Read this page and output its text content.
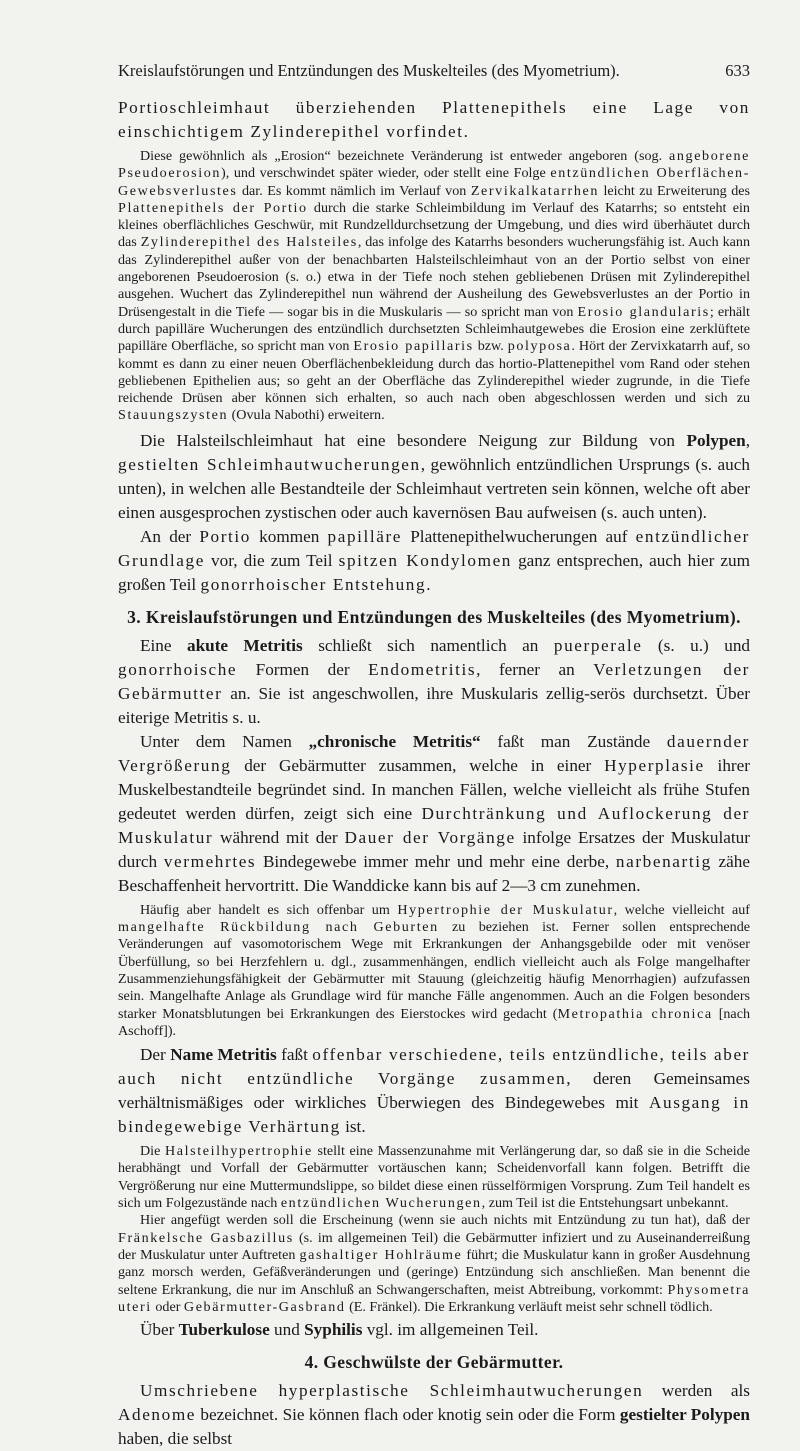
Kreislaufstörungen und Entzündungen des Muskelteiles (des Myometrium).	633

Portioschleimhaut überziehenden Plattenepithels eine Lage von einschichtigem Zylinderepithel vorfindet.

Diese gewöhnlich als „Erosion“ bezeichnete Veränderung ist entweder angeboren (sog. angeborene Pseudoerosion), und verschwindet später wieder, oder stellt eine Folge entzündlichen Oberflächen-Gewebsverlustes dar. Es kommt nämlich im Verlauf von Zervikalkatarrhen leicht zu Erweiterung des Plattenepithels der Portio durch die starke Schleimbildung im Verlauf des Katarrhs; so entsteht ein kleines oberflächliches Geschwür, mit Rundzelldurchsetzung der Umgebung, und dies wird überhäutet durch das Zylinderepithel des Halsteiles, das infolge des Katarrhs besonders wucherungsfähig ist. Auch kann das Zylinderepithel außer von der benachbarten Halsteilschleimhaut von an der Portio selbst von einer angeborenen Pseudoerosion (s. o.) etwa in der Tiefe noch stehen gebliebenen Drüsen mit Zylinderepithel ausgehen. Wuchert das Zylinderepithel nun während der Ausheilung des Gewebsverlustes an der Portio in Drüsengestalt in die Tiefe — sogar bis in die Muskularis — so spricht man von Erosio glandularis; erhält durch papilläre Wucherungen des entzündlich durchsetzten Schleimhautgewebes die Erosion eine zerklüftete papilläre Oberfläche, so spricht man von Erosio papillaris bzw. polyposa. Hört der Zervixkatarrh auf, so kommt es dann zu einer neuen Oberflächenbekleidung durch das hortio-Plattenepithel vom Rand oder stehen gebliebenen Epithelien aus; so geht an der Oberfläche das Zylinderepithel wieder zugrunde, in die Tiefe reichende Drüsen aber können sich erhalten, so auch nach oben abgeschlossen werden und sich zu Stauungszysten (Ovula Nabothi) erweitern.

Die Halsteilschleimhaut hat eine besondere Neigung zur Bildung von Polypen, gestielten Schleimhautwucherungen, gewöhnlich entzündlichen Ursprungs (s. auch unten), in welchen alle Bestandteile der Schleimhaut vertreten sein können, welche oft aber einen ausgesprochen zystischen oder auch kavernösen Bau aufweisen (s. auch unten).

An der Portio kommen papilläre Plattenepithelwucherungen auf entzündlicher Grundlage vor, die zum Teil spitzen Kondylomen ganz entsprechen, auch hier zum großen Teil gonorrhoischer Entstehung.

3. Kreislaufstörungen und Entzündungen des Muskelteiles (des Myometrium).

Eine akute Metritis schließt sich namentlich an puerperale (s. u.) und gonorrhoische Formen der Endometritis, ferner an Verletzungen der Gebärmutter an. Sie ist angeschwollen, ihre Muskularis zellig-serös durchsetzt. Über eiterige Metritis s. u.

Unter dem Namen „chronische Metritis“ faßt man Zustände dauernder Vergrößerung der Gebärmutter zusammen, welche in einer Hyperplasie ihrer Muskelbestandteile begründet sind. In manchen Fällen, welche vielleicht als frühe Stufen gedeutet werden dürfen, zeigt sich eine Durchtränkung und Auflockerung der Muskulatur während mit der Dauer der Vorgänge infolge Ersatzes der Muskulatur durch vermehrtes Bindegewebe immer mehr und mehr eine derbe, narbenartig zähe Beschaffenheit hervortritt. Die Wanddicke kann bis auf 2—3 cm zunehmen.

Häufig aber handelt es sich offenbar um Hypertrophie der Muskulatur, welche vielleicht auf mangelhafte Rückbildung nach Geburten zu beziehen ist. Ferner sollen entsprechende Veränderungen auf vasomotorischem Wege mit Erkrankungen der Anhangsgebilde oder mit venöser Überfüllung, so bei Herzfehlern u. dgl., zusammenhängen, endlich vielleicht auch als Folge mangelhafter Zusammenziehungsfähigkeit der Gebärmutter mit Stauung (gleichzeitig häufig Menorrhagien) aufzufassen sein. Mangelhafte Anlage als Grundlage wird für manche Fälle angenommen. Auch an die Folgen besonders starker Monatsblutungen bei Erkrankungen des Eierstockes wird gedacht (Metropathia chronica [nach Aschoff]).

Der Name Metritis faßt offenbar verschiedene, teils entzündliche, teils aber auch nicht entzündliche Vorgänge zusammen, deren Gemeinsames verhältnismäßiges oder wirkliches Überwiegen des Bindegewebes mit Ausgang in bindegewebige Verhärtung ist.

Die Halsteilhypertrophie stellt eine Massenzunahme mit Verlängerung dar, so daß sie in die Scheide herabhängt und Vorfall der Gebärmutter vortäuschen kann; Scheidenvorfall kann folgen. Betrifft die Vergrößerung nur eine Muttermundslippe, so bildet diese einen rüsselförmigen Vorsprung. Zum Teil handelt es sich um Folgezustände nach entzündlichen Wucherungen, zum Teil ist die Entstehungsart unbekannt.

Hier angefügt werden soll die Erscheinung (wenn sie auch nichts mit Entzündung zu tun hat), daß der Fränkelsche Gasbazillus (s. im allgemeinen Teil) die Gebärmutter infiziert und zu Auseinanderreißung der Muskulatur unter Auftreten gashaltiger Hohlräume führt; die Muskulatur kann in großer Ausdehnung ganz morsch werden, Gefäßveränderungen und (geringe) Entzündung sich anschließen. Man benennt die seltene Erkrankung, die nur im Anschluß an Schwangerschaften, meist Abtreibung, vorkommt: Physometra uteri oder Gebärmutter-Gasbrand (E. Fränkel). Die Erkrankung verläuft meist sehr schnell tödlich.

Über Tuberkulose und Syphilis vgl. im allgemeinen Teil.

4. Geschwülste der Gebärmutter.

Umschriebene hyperplastische Schleimhautwucherungen werden als Adenome bezeichnet. Sie können flach oder knotig sein oder die Form gestielter Polypen haben, die selbst
